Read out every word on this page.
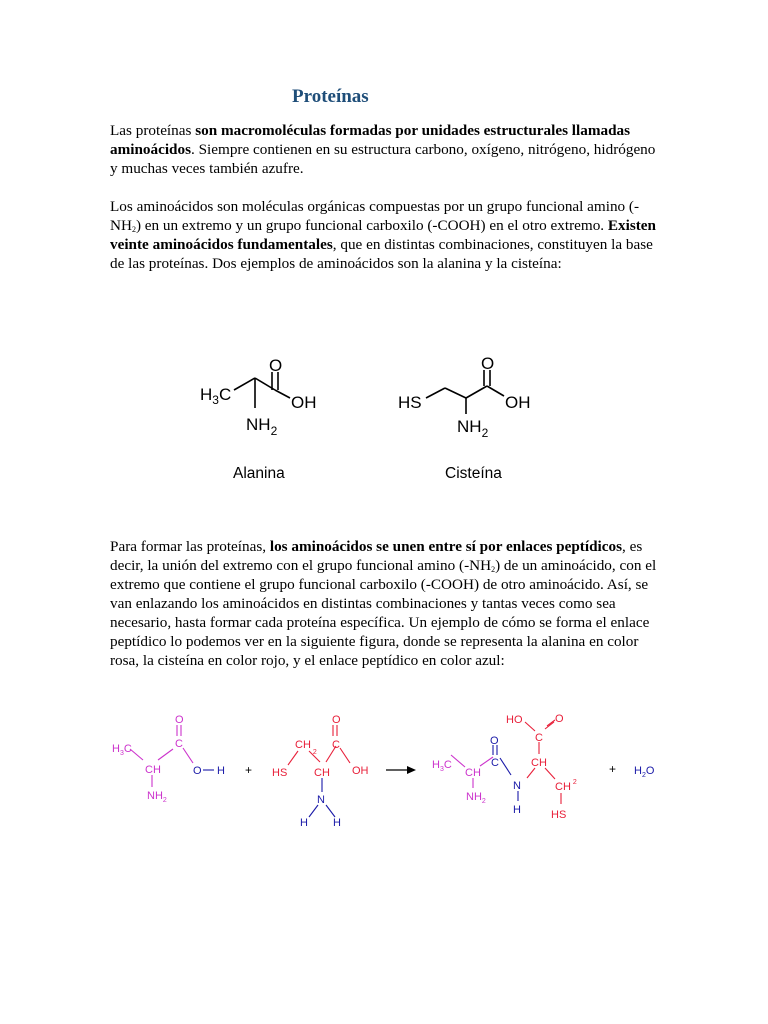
Proteínas
Las proteínas son macromoléculas formadas por unidades estructurales llamadas aminoácidos. Siempre contienen en su estructura carbono, oxígeno, nitrógeno, hidrógeno y muchas veces también azufre.
Los aminoácidos son moléculas orgánicas compuestas por un grupo funcional amino $(-NH_2)$ en un extremo y un grupo funcional carboxilo (-COOH) en el otro extremo. Existen veinte aminoácidos fundamentales, que en distintas combinaciones, constituyen la base de las proteínas. Dos ejemplos de aminoácidos son la alanina y la cisteína:
$H_3C$
O
OH
$NH_2$
Alanina
HS
O
OH
$NH_2$
Cisteína
Para formar las proteínas, los aminoácidos se unen entre sí por enlaces peptídicos, es decir, la unión del extremo con el grupo funcional amino $(-NH_2)$ de un aminoácido, con el extremo que contiene el grupo funcional carboxilo (-COOH) de otro aminoácido. Así, se van enlazando los aminoácidos en distintas combinaciones y tantas veces como sea necesario, hasta formar cada proteína específica. Un ejemplo de cómo se forma el enlace peptídico lo podemos ver en la siguiente figura, donde se representa la alanina en color rosa, la cisteína en color rojo, y el enlace peptídico en color azul:
$H_3C$
CH
C
O
$NH_2$
O H +
$CH_2$
C
O
OH
HS CH
N
H H
HO	O
C
CH
CH $^2$
HS
$H_3C$
CH
$NH_2$
O
C
N
H
+ $H_2O$
